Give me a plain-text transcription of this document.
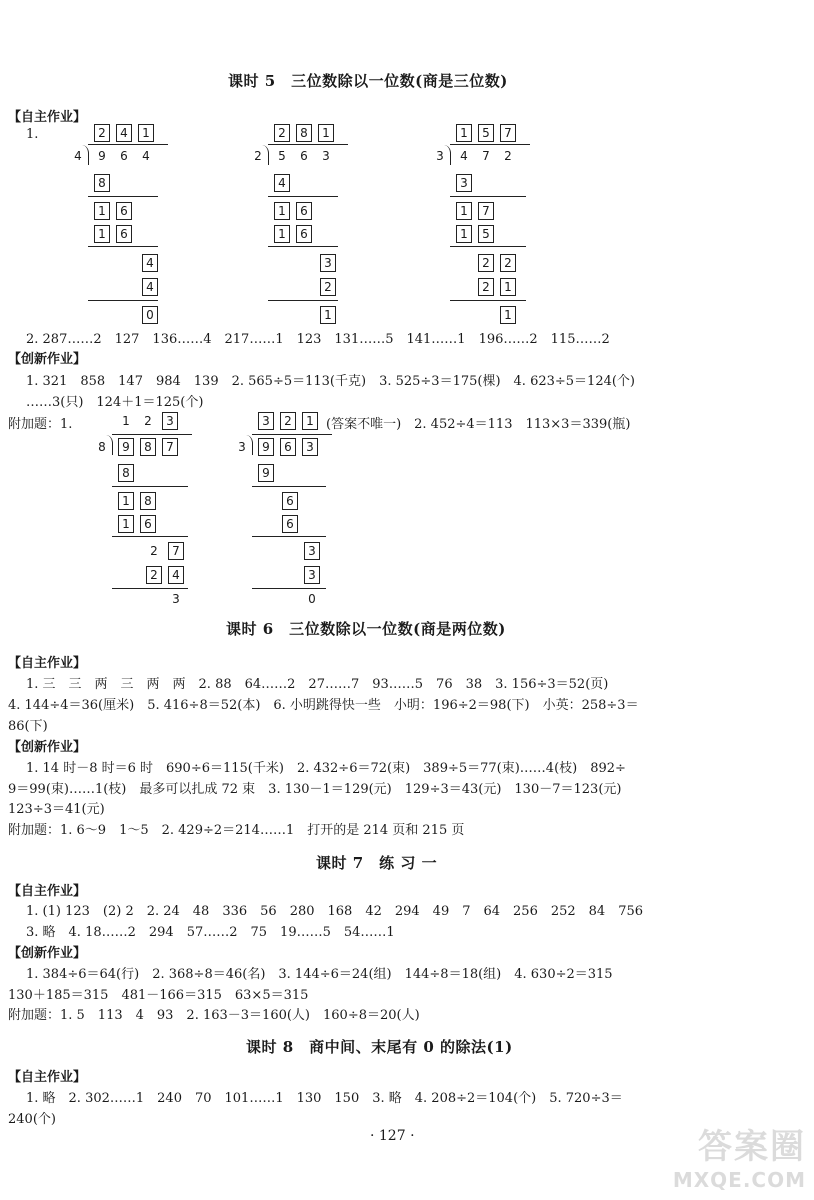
课时 5　三位数除以一位数(商是三位数)
【自主作业】
1.	2	4	1
4	9	6	4
8
1	6
1	6
4
4
0
2	8	1
2	5	6	3
4
1	6
1	6
3
2
1
1	5	7
3	4	7	2
3
1	7
1	5
2	2
2	1
1
2. 287……2　127　136……4　217……1　123　131……5　141……1　196……2　115……2
【创新作业】
1. 321　858　147　984　139　2. 565÷5＝113(千克)　3. 525÷3＝175(棵)　4. 623÷5＝124(个)
……3(只)　124＋1＝125(个)
附加题：1.	(答案不唯一)　2. 452÷4＝113　113×3＝339(瓶)
1	2	3
8	9	8	7
8
1	8
1	6
2	7
2	4
3
3	2	1
3	9	6	3
9
6
6
3
3
0
课时 6　三位数除以一位数(商是两位数)
【自主作业】
1. 三　三　两　三　两　两　2. 88　64……2　27……7　93……5　76　38　3. 156÷3＝52(页)
4. 144÷4＝36(厘米)　5. 416÷8＝52(本)　6. 小明跳得快一些　小明：196÷2＝98(下)　小英：258÷3＝
86(下)
【创新作业】
1. 14 时－8 时＝6 时　690÷6＝115(千米)　2. 432÷6＝72(束)　389÷5＝77(束)……4(枝)　892÷
9＝99(束)……1(枝)　最多可以扎成 72 束　3. 130－1＝129(元)　129÷3＝43(元)　130－7＝123(元)
123÷3＝41(元)
附加题：1. 6～9　1～5　2. 429÷2＝214……1　打开的是 214 页和 215 页
课时 7　练 习 一
【自主作业】
1. (1) 123　(2) 2　2. 24　48　336　56　280　168　42　294　49　7　64　256　252　84　756
3. 略　4. 18……2　294　57……2　75　19……5　54……1
【创新作业】
1. 384÷6＝64(行)　2. 368÷8＝46(名)　3. 144÷6＝24(组)　144÷8＝18(组)　4. 630÷2＝315
130＋185＝315　481－166＝315　63×5＝315
附加题：1. 5　113　4　93　2. 163－3＝160(人)　160÷8＝20(人)
课时 8　商中间、末尾有 0 的除法(1)
【自主作业】
1. 略　2. 302……1　240　70　101……1　130　150　3. 略　4. 208÷2＝104(个)　5. 720÷3＝
240(个)
· 127 ·	答案圈
MXQE.COM
